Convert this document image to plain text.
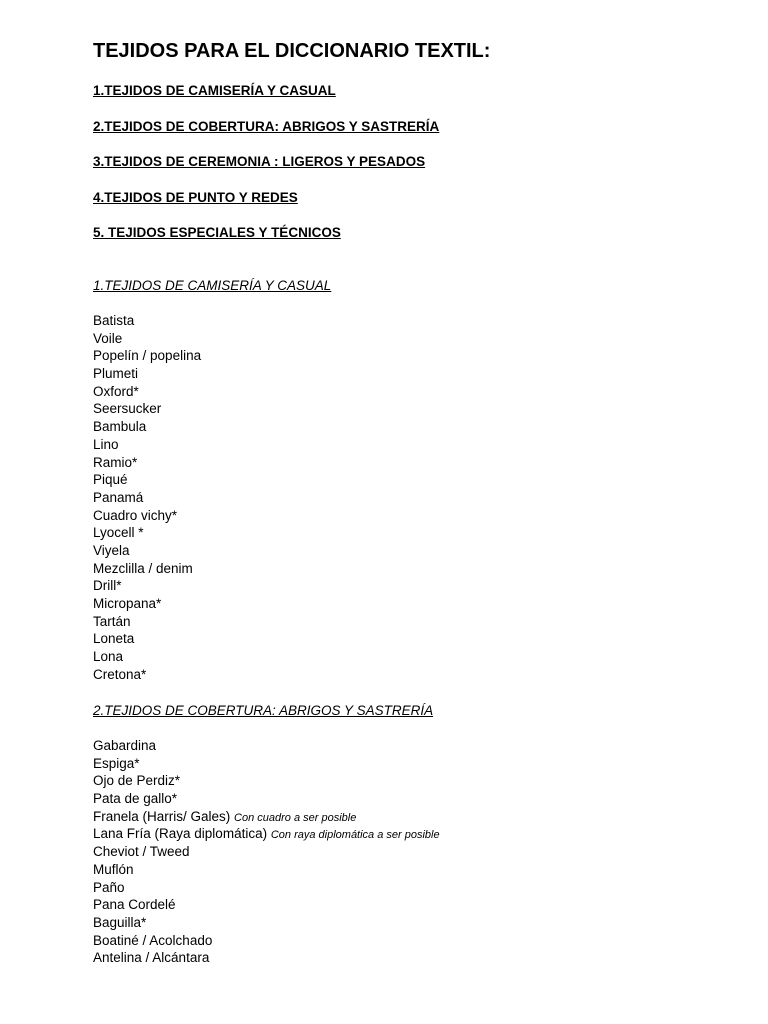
TEJIDOS PARA EL DICCIONARIO TEXTIL:
1.TEJIDOS DE CAMISERÍA Y CASUAL
2.TEJIDOS DE COBERTURA: ABRIGOS Y SASTRERÍA
3.TEJIDOS DE CEREMONIA : LIGEROS Y PESADOS
4.TEJIDOS DE PUNTO Y REDES
5. TEJIDOS ESPECIALES Y TÉCNICOS
1.TEJIDOS DE CAMISERÍA Y CASUAL
Batista
Voile
Popelín / popelina
Plumeti
Oxford*
Seersucker
Bambula
Lino
Ramio*
Piqué
Panamá
Cuadro vichy*
Lyocell *
Viyela
Mezclilla / denim
Drill*
Micropana*
Tartán
Loneta
Lona
Cretona*
2.TEJIDOS DE COBERTURA: ABRIGOS Y SASTRERÍA
Gabardina
Espiga*
Ojo de Perdiz*
Pata de gallo*
Franela (Harris/ Gales) Con cuadro a ser posible
Lana Fría (Raya diplomática) Con raya diplomática a ser posible
Cheviot / Tweed
Muflón
Paño
Pana Cordelé
Baguilla*
Boatiné / Acolchado
Antelina / Alcántara
